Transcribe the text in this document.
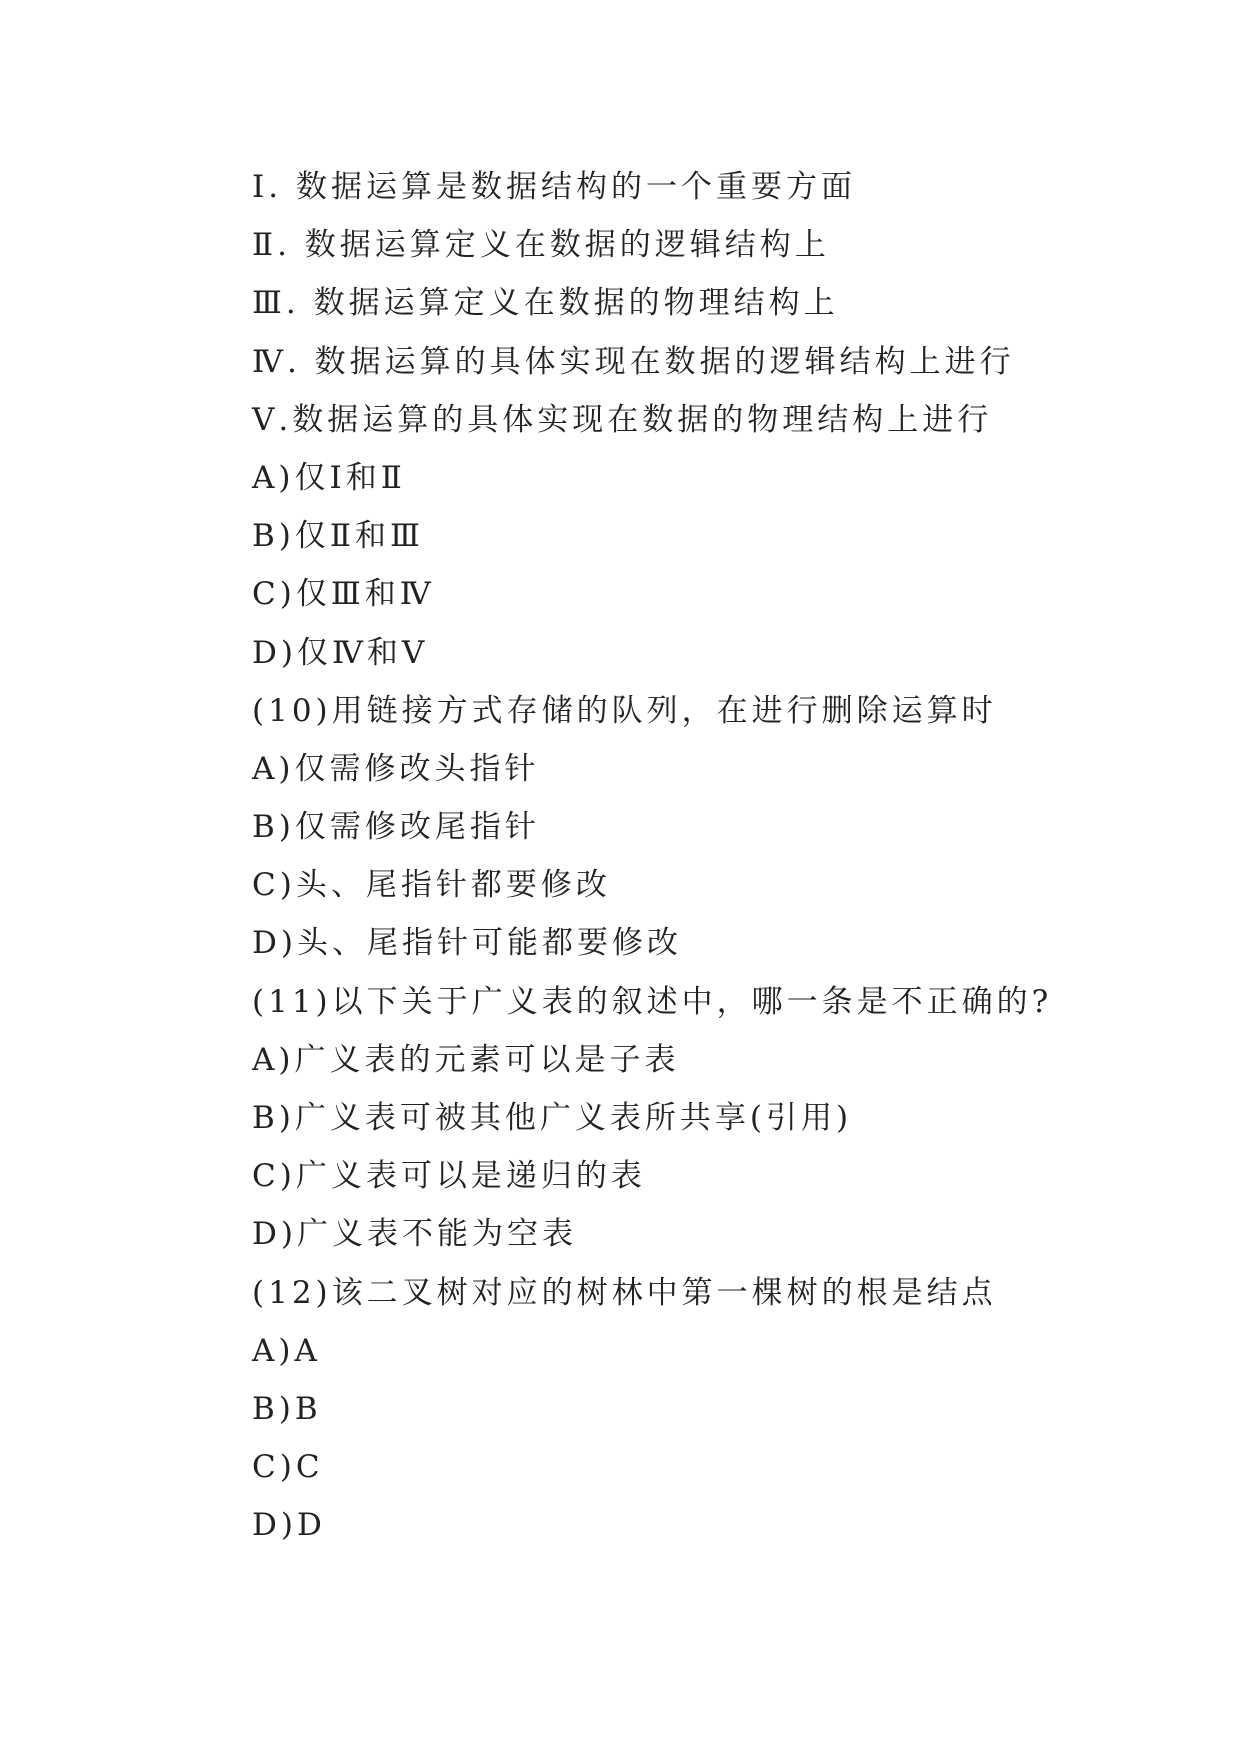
Ⅰ. 数据运算是数据结构的一个重要方面
Ⅱ. 数据运算定义在数据的逻辑结构上
Ⅲ. 数据运算定义在数据的物理结构上
Ⅳ. 数据运算的具体实现在数据的逻辑结构上进行
Ⅴ.数据运算的具体实现在数据的物理结构上进行
A)仅Ⅰ和Ⅱ
B)仅Ⅱ和Ⅲ
C)仅Ⅲ和Ⅳ
D)仅Ⅳ和Ⅴ
(10)用链接方式存储的队列，在进行删除运算时
A)仅需修改头指针
B)仅需修改尾指针
C)头、尾指针都要修改
D)头、尾指针可能都要修改
(11)以下关于广义表的叙述中，哪一条是不正确的?
A)广义表的元素可以是子表
B)广义表可被其他广义表所共享(引用)
C)广义表可以是递归的表
D)广义表不能为空表
(12)该二叉树对应的树林中第一棵树的根是结点
A)A
B)B
C)C
D)D
